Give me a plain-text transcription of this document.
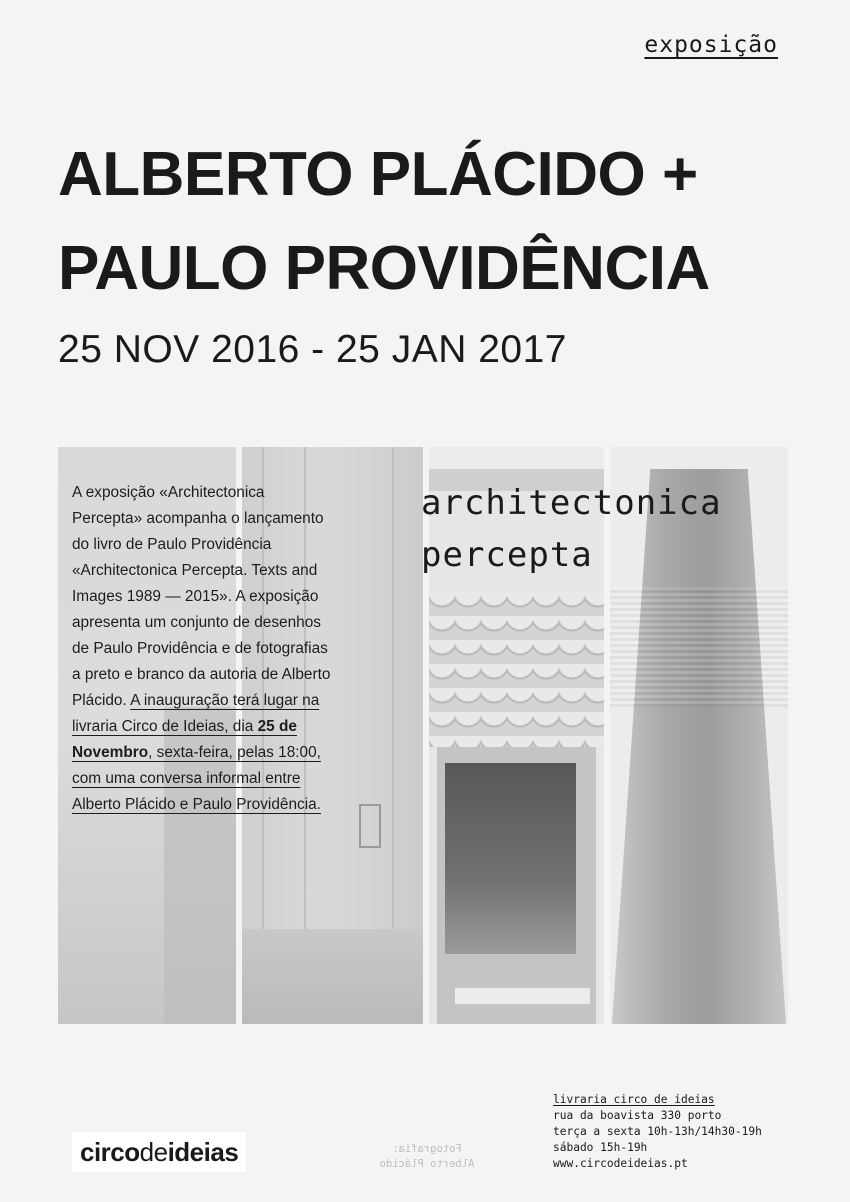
exposição
ALBERTO PLÁCIDO +
PAULO PROVIDÊNCIA
25 NOV 2016 - 25 JAN 2017

A exposição «Architectonica Percepta» acompanha o lançamento do livro de Paulo Providência «Architectonica Percepta. Texts and Images 1989 — 2015». A exposição apresenta um conjunto de desenhos de Paulo Providência e de fotografias a preto e branco da autoria de Alberto Plácido. A inauguração terá lugar na livraria Circo de Ideias, dia 25 de Novembro, sexta-feira, pelas 18:00, com uma conversa informal entre Alberto Plácido e Paulo Providência.

architectonica
percepta
livraria circo de ideias
rua da boavista 330 porto
terça a sexta 10h-13h/14h30-19h
sábado 15h-19h
www.circodeideias.pt
circo de ideias	Fotografia:
Alberto Plácido
